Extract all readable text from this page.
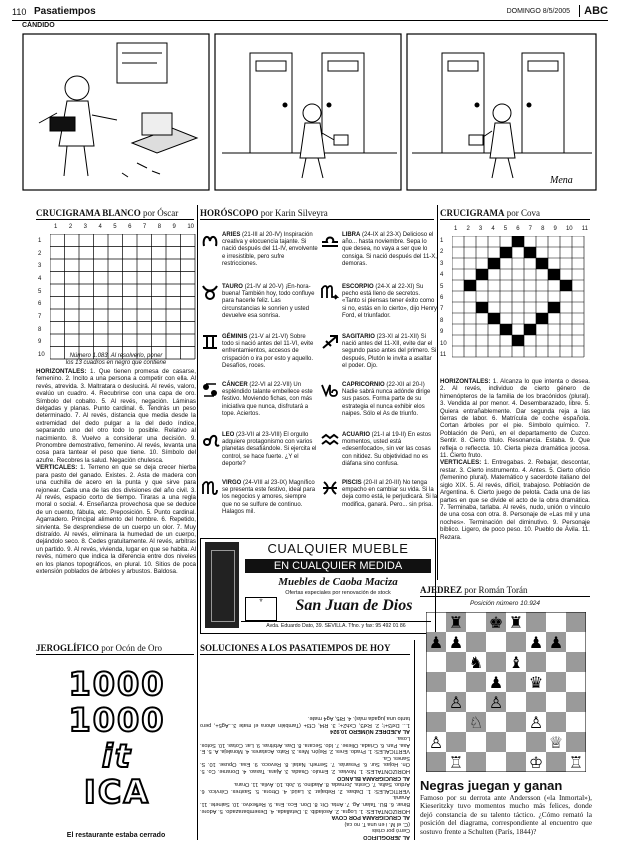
110 Pasatiempos	DOMINGO 8/5/2005	ABC
CÁNDIDO
Mena
CRUCIGRAMA BLANCO por Óscar
1 2 3 4 5 6 7 8 9 10
1
2
3
4
5
6
7
8
9
10	Número 1.083. Al resolverlo, poner
los 13 cuadros en negro que contiene
HORIZONTALES: 1. Que tienen promesa de casarse, femenino. 2. Incito a una persona a competir con ella. Al revés, atrevida. 3. Maltratara o deslucirá. Al revés, valoro, evalúo un cuadro. 4. Recubrirse con una capa de oro. Símbolo del cobalto. 5. Al revés, negación. Láminas delgadas y planas. Punto cardinal. 6. Tendrás un peso determinado. 7. Al revés, distancia que media desde la extremidad del dedo pulgar a la del dedo índice, separando uno del otro todo lo posible. Relativo al nacimiento. 8. Vuelvo a considerar una decisión. 9. Pronombre demostrativo, femenino. Al revés, levanta una cosa para tantear el peso que tiene. 10. Símbolo del azufre. Recobres la salud. Negación chulesca.
VERTICALES: 1. Terreno en que se deja crecer hierba para pasto del ganado. Existes. 2. Asta de madera con una cuchilla de acero en la punta y que sirve para rejonear. Cada una de las dos divisiones del año civil. 3. Al revés, espacio corto de tiempo. Tiraras a una regla moral o social. 4. Enseñanza provechosa que se deduce de un cuento, fábula, etc. Preposición. 5. Punto cardinal. Agarradero. Principal alimento del hombre. 6. Repetido, sirvienta. Se desprendiese de un cuerpo un olor. 7. Muy distraído. Al revés, eliminara la humedad de un cuerpo, dejándolo seco. 8. Cedes gratuitamente. Al revés, arbitras un partido. 9. Al revés, vivienda, lugar en que se habita. Al revés, número que indica la diferencia entre dos niveles en los planos topográficos, en plural. 10. Sitios de poca extensión poblados de árboles y arbustos. Baldosa.
HORÓSCOPO por Karin Silveyra
ARIES (21-III al 20-IV) Inspiración creativa y elocuencia tajante. Si nació después del 11-IV, envolvente e irresistible, pero sufre restricciones.
TAURO (21-IV al 20-V) ¡En-hora-buena! También hoy, todo confluye para hacerle feliz. Las circunstancias le sonríen y usted devuelve esa sonrisa.
GÉMINIS (21-V al 21-VI) Sobre todo si nació antes del 11-VI, evite enfrentamientos, accesos de crispación o ira por esto y aquello. Desafíos, roces.
CÁNCER (22-VI al 22-VII) Un espléndido talante embellece este festivo. Moviendo fichas, con más iniciativa que nunca, disfrutará a tope. Aciertos.
LEO (23-VII al 23-VIII) El orgullo adquiere protagonismo con varios planetas desafiándole. Si ejercita el control, se hace fuerte. ¿Y el deporte?
VIRGO (24-VIII al 23-IX) Magnífico se presenta este festivo, ideal para los negocios y amores, siempre que no se sulfure de continuo. Halagos mil.
LIBRA (24-IX al 23-X) Delicioso el año... hasta noviembre. Sepa lo que desea, no vaya a ser que lo consiga. Si nació después del 11-X, demoras.
ESCORPIO (24-X al 22-XI) Su pecho está lleno de secretos. «Tanto si piensas tener éxito como si no, estás en lo cierto», dijo Henry Ford, el triunfador.
SAGITARIO (23-XI al 21-XII) Si nació antes del 11-XII, evite dar el segundo paso antes del primero. Si después, Plutón le invita a asaltar el poder. Ojo.
CAPRICORNIO (22-XII al 20-I) Nadie sabrá nunca adónde dirige sus pasos. Forma parte de su estrategia el nunca exhibir elos naipes. Sólo el As de triunfo.
ACUARIO (21-I al 19-II) En estos momentos, usted está «desenfocado», sin ver las cosas con nitidez. Su objetividad no es diáfana sino confusa.
PISCIS (20-II al 20-III) No tenga empacho en cambiar su vida. Si la deja como está, le perjudicará. Si la modifica, ganará. Pero... sin prisa.
CUALQUIER MUEBLE
EN CUALQUIER MEDIDA
Muebles de Caoba Maciza
Ofertas especiales por renovación de stock
⚜	San Juan de Dios
Avda. Eduardo Dato, 39. SEVILLA. Tfno. y fax: 95 492 01 86
CRUCIGRAMA por Cova
1 2 3 4 5 6 7 8 9 10 11
1
2
3
4
5
6
7
8
9
10
11
HORIZONTALES: 1. Alcanza lo que intenta o desea. 2. Al revés, individuo de cierto género de himenópteros de la familia de los bracónidos (plural). 3. Vendida al por menor. 4. Desembarazado, libre. 5. Quiera entrañablemente. Dar segunda reja a las tierras de labor. 6. Matrícula de coche española. Cortan árboles por el pie. Símbolo químico. 7. Población de Perú, en el departamento de Cuzco. Sentir. 8. Cierto título. Resonancia. Estaba. 9. Que refleja o refleccta. 10. Cierta pieza dramática jocosa. 11. Cierto fruto.
VERTICALES: 1. Entregabas. 2. Rebajar, descontar, restar. 3. Cierto instrumento. 4. Antes. 5. Cierto oficio (femenino plural). Matemático y sacerdote italiano del siglo XIX. 5. Al revés, difícil, trabajoso. Población de Argentina. 6. Cierto juego de pelota. Cada una de las partes en que se divide el acto de la obra dramática. 7. Terminaba, tarlaba. Al revés, nudo, unión o vínculo de una cosa con otra. 8. Personaje de «Las mil y una noches». Terminación del diminutivo. 9. Personaje bíblico. Ligero, de poco peso. 10. Pueblo de Ávila. 11. Rezara.
AJEDREZ por Román Torán
Posición número 10.924
♜ ♚ ♜
♟ ♟	♟ ♟
♞ ♝
♟ ♛
♙ ♙
♘	♙
♙	♕
♖	♔ ♖
Negras juegan y ganan
Famoso por su derrota ante Andersson («la Inmortal»), Kieseritzky tuvo momentos mucho más felices, donde dejó constancia de su talento táctico. ¿Cómo remató la posición del diagrama, correspondiente al encuentro que sostuvo frente a Schulten (París, 1844)?
JEROGLÍFICO por Ocón de Oro
1000
1000
it
ICA
El restaurante estaba cerrado
SOLUCIONES A LOS PASATIEMPOS DE HOY
AL JEROGLÍFICO
Cerró por crisis
(C. el M. i en una T. no ca)
AL CRUCIGRAMA POR COVA
HORIZONTALES: 1. Logra. 2. Asoladib. 3. Detallada. 4. Desembarazado. 5. Adore. Binar. 6. BU. Talan. Ag. 7. Anta. Oír. 8. Don. Eco. Era. 9. Reflexivo. 10. Sainete. 11. Ananá.
VERTICALES: 1. Dabas. 2. Rebajar. 3. Laúd. 4. Otrora. 5. Sastres. Cérvico. 6. Arduo. Salta. 7. Cesta. Jornada. 8. Aladino. 9. Job. 10. Ávila. 11. Orara.
AL CRUCIGRAMA BLANCO
HORIZONTALES: 1. Novias. 2. Emulo. Osada. 3. Ajara. Tasao. 4. Dorarse. Co. 5. On. Hojas. Sur. 6. Pesarás. 7. Semeh. Natal. 8. Revoco. 9. Esa. Opuse. 10. S. Sanes. Ca.
VERTICALES: 1. Prado. Eres. 2. Rejón. Mes. 3. Rato. Acatares. 4. Moraleja. A. 5. E. Asa. Pan. 6. Criada. Oliese. 7. Ido. Secara. 8. Das. Arbitras. 9. Lar. Cotas. 10. Sotos. Losa.
AL AJEDREZ NÚMERO 10.924
1... Dxf3+!; 2. Rxf3, Cxh2+; 3. Rf4, Cf3+ (También ahora el mate 3...Ag5+, pero tanto una jugada más). 4. Rf5, Ag4 mate.
